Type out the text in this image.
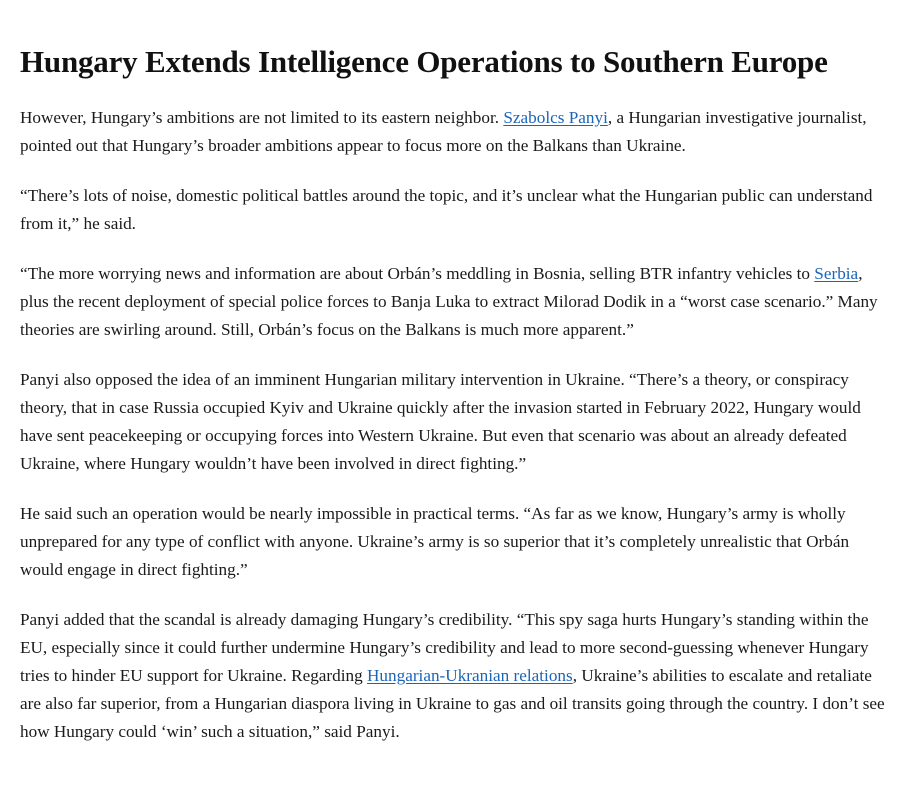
Hungary Extends Intelligence Operations to Southern Europe

However, Hungary’s ambitions are not limited to its eastern neighbor. Szabolcs Panyi, a Hungarian investigative journalist, pointed out that Hungary’s broader ambitions appear to focus more on the Balkans than Ukraine.

“There’s lots of noise, domestic political battles around the topic, and it’s unclear what the Hungarian public can understand from it,” he said.

“The more worrying news and information are about Orbán’s meddling in Bosnia, selling BTR infantry vehicles to Serbia, plus the recent deployment of special police forces to Banja Luka to extract Milorad Dodik in a “worst case scenario.” Many theories are swirling around. Still, Orbán’s focus on the Balkans is much more apparent.”

Panyi also opposed the idea of an imminent Hungarian military intervention in Ukraine. “There’s a theory, or conspiracy theory, that in case Russia occupied Kyiv and Ukraine quickly after the invasion started in February 2022, Hungary would have sent peacekeeping or occupying forces into Western Ukraine. But even that scenario was about an already defeated Ukraine, where Hungary wouldn’t have been involved in direct fighting.”

He said such an operation would be nearly impossible in practical terms. “As far as we know, Hungary’s army is wholly unprepared for any type of conflict with anyone. Ukraine’s army is so superior that it’s completely unrealistic that Orbán would engage in direct fighting.”

Panyi added that the scandal is already damaging Hungary’s credibility. “This spy saga hurts Hungary’s standing within the EU, especially since it could further undermine Hungary’s credibility and lead to more second-guessing whenever Hungary tries to hinder EU support for Ukraine. Regarding Hungarian-Ukranian relations, Ukraine’s abilities to escalate and retaliate are also far superior, from a Hungarian diaspora living in Ukraine to gas and oil transits going through the country. I don’t see how Hungary could ‘win’ such a situation,” said Panyi.
